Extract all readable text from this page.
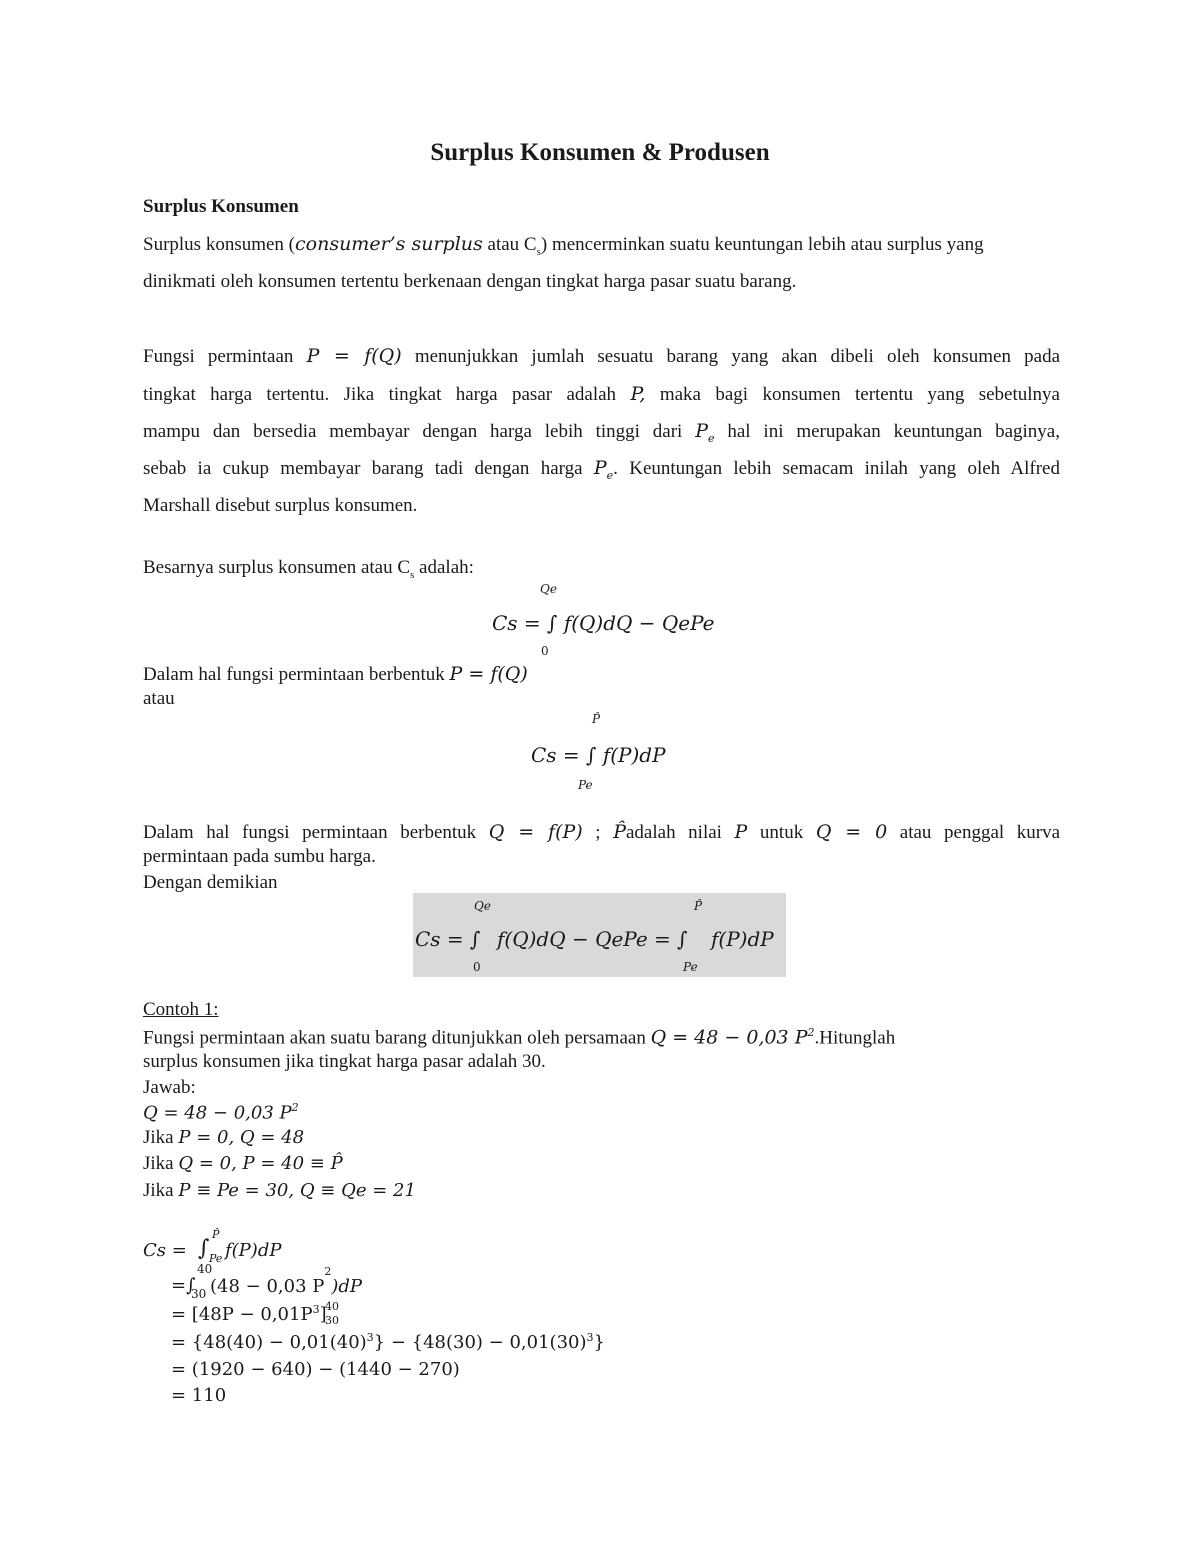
Surplus Konsumen & Produsen
Surplus Konsumen
Surplus konsumen (consumer’s surplus atau $C_s$) mencerminkan suatu keuntungan lebih atau surplus yang
dinikmati oleh konsumen tertentu berkenaan dengan tingkat harga pasar suatu barang.
Fungsi permintaan P = f(Q) menunjukkan jumlah sesuatu barang yang akan dibeli oleh konsumen pada
tingkat harga tertentu. Jika tingkat harga pasar adalah P, maka bagi konsumen tertentu yang sebetulnya
mampu dan bersedia membayar dengan harga lebih tinggi dari $P_e$ hal ini merupakan keuntungan baginya,
sebab ia cukup membayar barang tadi dengan harga $P_e$. Keuntungan lebih semacam inilah yang oleh Alfred
Marshall disebut surplus konsumen.
Besarnya surplus konsumen atau $C_s$ adalah:
Qe
Cs = ∫ f(Q)dQ − QePe
0
Dalam hal fungsi permintaan berbentuk P = f(Q)
atau
P̂
Cs = ∫ f(P)dP
Pe
Dalam hal fungsi permintaan berbentuk Q = f(P) ; P̂adalah nilai P untuk Q = 0 atau penggal kurva
permintaan pada sumbu harga.
Dengan demikian
Qe	P̂
Cs = ∫ f(Q)dQ − QePe = ∫ f(P)dP
0	Pe
Contoh 1:
Fungsi permintaan akan suatu barang ditunjukkan oleh persamaan Q = 48 − 0,03 $P^2.Hitunglah$
surplus konsumen jika tingkat harga pasar adalah 30.
Jawab:
Q = 48 − 0,03 $P^2$
Jika P = 0, Q = 48
Jika Q = 0, P = 40 ≡ P̂
Jika P ≡ Pe = 30, Q ≡ Qe = 21
Cs = ∫
P̂
Pe f(P)dP
40
=∫
30 (48 − 0,03 $P^2)dP$
= $[48P - 0,01P^3]$
40
30
= $\{48(40) - 0,01(40)^3\} - \{48(30) - 0,01(30)^3\}$
= (1920 − 640) − (1440 − 270)
= 110
